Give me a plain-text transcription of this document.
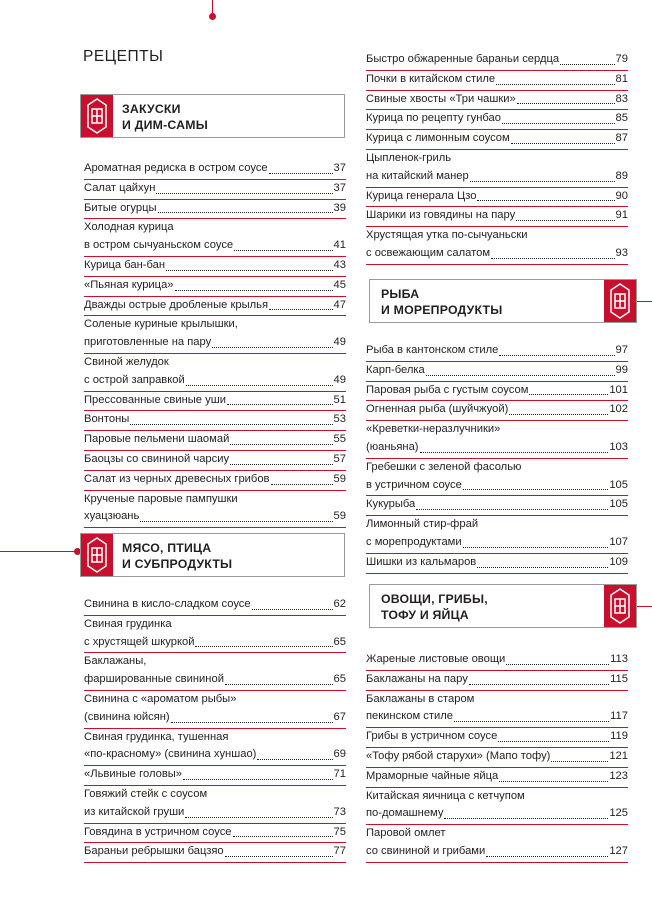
РЕЦЕПТЫ
ЗАКУСКИ
И ДИМ-САМЫ
МЯСО, ПТИЦА
И СУБПРОДУКТЫ
РЫБА
И МОРЕПРОДУКТЫ
ОВОЩИ, ГРИБЫ,
ТОФУ И ЯЙЦА
Ароматная редиска в остром соусе	37
Салат цайхун	37
Битые огурцы	39
Холодная курица
в остром сычуаньском соусе	41
Курица бан-бан	43
«Пьяная курица»	45
Дважды острые дробленые крылья	47
Соленые куриные крылышки,
приготовленные на пару	49
Свиной желудок
с острой заправкой	49
Прессованные свиные уши	51
Вонтоны	53
Паровые пельмени шаомай	55
Баоцзы со свининой чарсиу	57
Салат из черных древесных грибов	59
Крученые паровые пампушки
хуацзюань	59
Свинина в кисло-сладком соусе	62
Свиная грудинка
с хрустящей шкуркой	65
Баклажаны,
фаршированные свининой	65
Свинина с «ароматом рыбы»
(свинина юйсян)	67
Свиная грудинка, тушенная
«по-красному» (свинина хуншао)	69
«Львиные головы»	71
Говяжий стейк с соусом
из китайской груши	73
Говядина в устричном соусе	75
Бараньи ребрышки бацзяо	77
Быстро обжаренные бараньи сердца	79
Почки в китайском стиле	81
Свиные хвосты «Три чашки»	83
Курица по рецепту гунбао	85
Курица с лимонным соусом	87
Цыпленок-гриль
на китайский манер	89
Курица генерала Цзо	90
Шарики из говядины на пару	91
Хрустящая утка по-сычуаньски
с освежающим салатом	93
Рыба в кантонском стиле	97
Карп-белка	99
Паровая рыба с густым соусом	101
Огненная рыба (шуйчжуой)	102
«Креветки-неразлучники»
(юаньяна)	103
Гребешки с зеленой фасолью
в устричном соусе	105
Кукурыба	105
Лимонный стир-фрай
с морепродуктами	107
Шишки из кальмаров	109
Жареные листовые овощи	113
Баклажаны на пару	115
Баклажаны в старом
пекинском стиле	117
Грибы в устричном соусе	119
«Тофу рябой старухи» (Мапо тофу)	121
Мраморные чайные яйца	123
Китайская яичница с кетчупом
по-домашнему	125
Паровой омлет
со свининой и грибами	127
